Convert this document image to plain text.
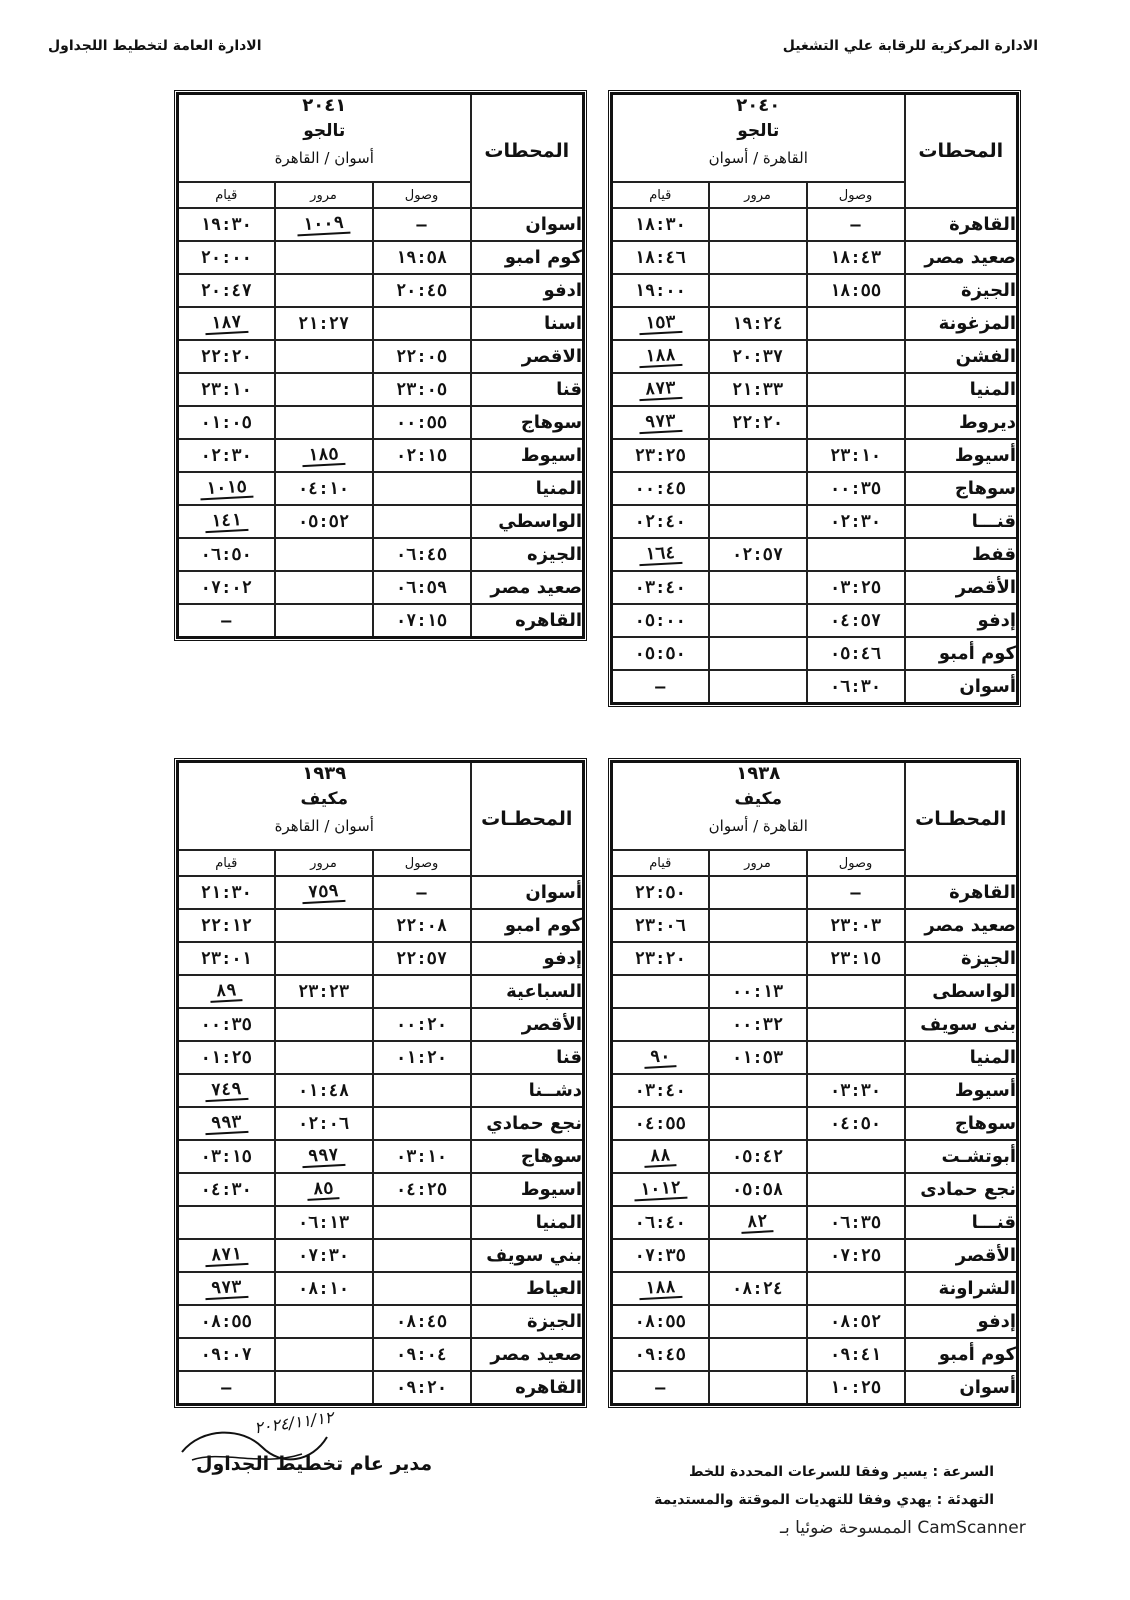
الادارة المركزية للرقابة علي التشغيل
الادارة العامة لتخطيط اللجداول
المحطات	٢٠٤٠
تالجو
القاهرة / أسوان		

	وصول	مرور	قيام
القاهرة	—		١٨:٣٠
صعيد مصر	١٨:٤٣		١٨:٤٦
الجيزة	١٨:٥٥		١٩:٠٠
المزغونة		١٩:٢٤	١٥٣
الفشن		٢٠:٣٧	١٨٨
المنيا		٢١:٣٣	٨٧٣
ديروط		٢٢:٢٠	٩٧٣
أسيوط	٢٣:١٠		٢٣:٢٥
سوهاج	٠٠:٣٥		٠٠:٤٥
قنـــا	٠٢:٣٠		٠٢:٤٠
قفط		٠٢:٥٧	١٦٤
الأقصر	٠٣:٢٥		٠٣:٤٠
إدفو	٠٤:٥٧		٠٥:٠٠
كوم أمبو	٠٥:٤٦		٠٥:٥٠
أسوان	٠٦:٣٠		—
المحطات	٢٠٤١
تالجو
أسوان / القاهرة		

	وصول	مرور	قيام
اسوان	—	١٠٠٩	١٩:٣٠
كوم امبو	١٩:٥٨		٢٠:٠٠
ادفو	٢٠:٤٥		٢٠:٤٧
اسنا		٢١:٢٧	١٨٧
الاقصر	٢٢:٠٥		٢٢:٢٠
قنا	٢٣:٠٥		٢٣:١٠
سوهاج	٠٠:٥٥		٠١:٠٥
اسيوط	٠٢:١٥	١٨٥	٠٢:٣٠
المنيا		٠٤:١٠	١٠١٥
الواسطي		٠٥:٥٢	١٤١
الجيزه	٠٦:٤٥		٠٦:٥٠
صعيد مصر	٠٦:٥٩		٠٧:٠٢
القاهره	٠٧:١٥		—
المحطـات	١٩٣٨
مكيف
القاهرة / أسوان		

	وصول	مرور	قيام
القاهرة	—		٢٢:٥٠
صعيد مصر	٢٣:٠٣		٢٣:٠٦
الجيزة	٢٣:١٥		٢٣:٢٠
الواسطى		٠٠:١٣	
بنى سويف		٠٠:٣٢	
المنيا		٠١:٥٣	٩٠
أسيوط	٠٣:٣٠		٠٣:٤٠
سوهاج	٠٤:٥٠		٠٤:٥٥
أبوتشـت		٠٥:٤٢	٨٨
نجع حمادى		٠٥:٥٨	١٠١٢
قنـــا	٠٦:٣٥	٨٢	٠٦:٤٠
الأقصر	٠٧:٢٥		٠٧:٣٥
الشراونة		٠٨:٢٤	١٨٨
إدفو	٠٨:٥٢		٠٨:٥٥
كوم أمبو	٠٩:٤١		٠٩:٤٥
أسوان	١٠:٢٥		—
المحطـات	١٩٣٩
مكيف
أسوان / القاهرة		

	وصول	مرور	قيام
أسوان	—	٧٥٩	٢١:٣٠
كوم امبو	٢٢:٠٨		٢٢:١٢
إدفو	٢٢:٥٧		٢٣:٠١
السباعية		٢٣:٢٣	٨٩
الأقصر	٠٠:٢٠		٠٠:٣٥
قنا	٠١:٢٠		٠١:٢٥
دشــنا		٠١:٤٨	٧٤٩
نجع حمادي		٠٢:٠٦	٩٩٣
سوهاج	٠٣:١٠	٩٩٧	٠٣:١٥
اسيوط	٠٤:٢٥	٨٥	٠٤:٣٠
المنيا		٠٦:١٣	
بني سويف		٠٧:٣٠	٨٧١
العياط		٠٨:١٠	٩٧٣
الجيزة	٠٨:٤٥		٠٨:٥٥
صعيد مصر	٠٩:٠٤		٠٩:٠٧
القاهره	٠٩:٢٠		—
السرعة : يسير وفقا للسرعات المحددة للخط
التهدئة : يهدي وفقا للتهديات الموقتة والمستديمة
٢٠٢٤/١١/١٢
مدير عام تخطيط الجداول
الممسوحة ضوئيا بـ CamScanner
